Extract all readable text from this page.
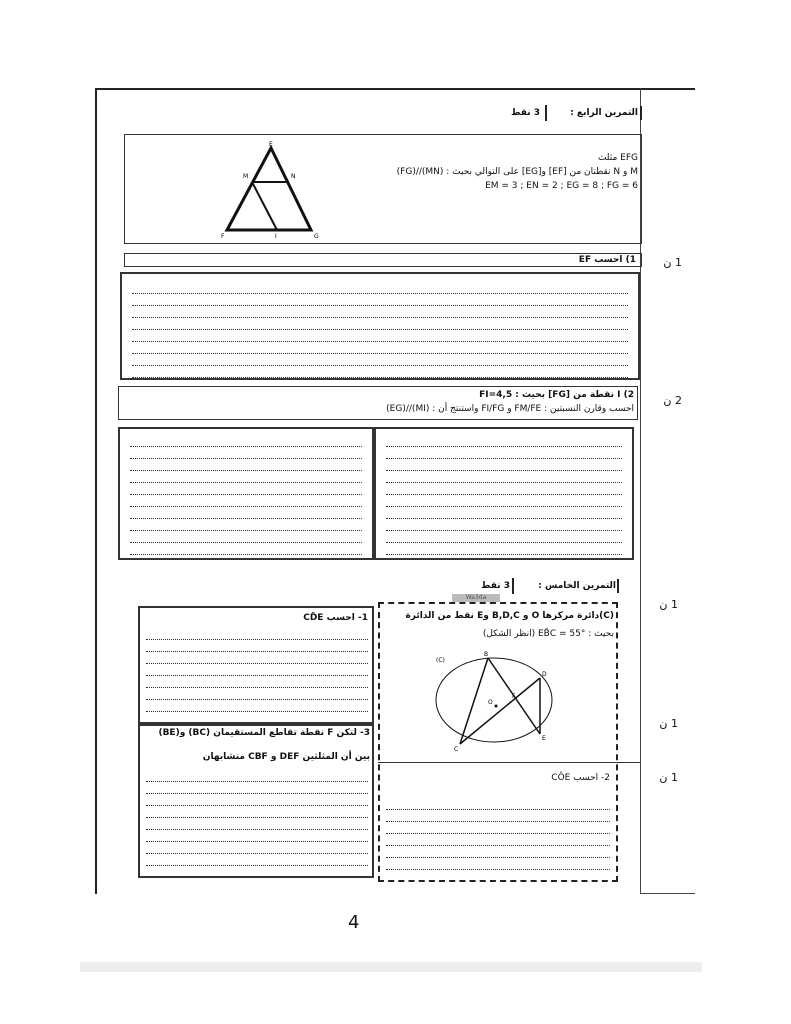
التمرين الرابع :
3 نقط
EFG مثلث
M و N نقطتان من [EF] و[EG] على التوالي بحيث : (MN)//(FG)
EM = 3 ; EN = 2 ; EG = 8 ; FG = 6
E
M	N
F	I	G
1) احسب EF	1 ن
2) I نقطة من [FG] بحيث : FI=4,5
احسب وقارن النسبتين : FM/FE و FI/FG واستنتج أن : (MI)//(EG)
2 ن
التمرين الخامس :
3 نقط
Wa3da
1 ن
(C)دائرة مركزها O و B,D,C وE نقط من الدائرة
بحيث : EB̂C = 55° (انظر الشكل)
(C)
B
D
O
F
E
C
2- احسب CÔE
1 ن
1 ن
1- احسب CD̂E
3- لتكن F نقطة تقاطع المستقيمان (BC) و(BE)
بين أن المثلثين DEF و CBF متشابهان
4
